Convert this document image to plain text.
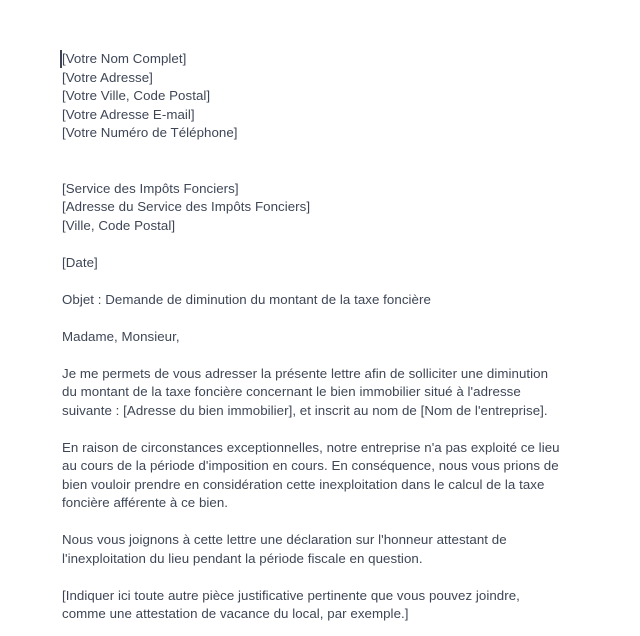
[Votre Nom Complet]
[Votre Adresse]
[Votre Ville, Code Postal]
[Votre Adresse E-mail]
[Votre Numéro de Téléphone]
[Service des Impôts Fonciers]
[Adresse du Service des Impôts Fonciers]
[Ville, Code Postal]
[Date]
Objet : Demande de diminution du montant de la taxe foncière
Madame, Monsieur,
Je me permets de vous adresser la présente lettre afin de solliciter une diminution
du montant de la taxe foncière concernant le bien immobilier situé à l'adresse
suivante : [Adresse du bien immobilier], et inscrit au nom de [Nom de l'entreprise].
En raison de circonstances exceptionnelles, notre entreprise n'a pas exploité ce lieu
au cours de la période d'imposition en cours. En conséquence, nous vous prions de
bien vouloir prendre en considération cette inexploitation dans le calcul de la taxe
foncière afférente à ce bien.
Nous vous joignons à cette lettre une déclaration sur l'honneur attestant de
l'inexploitation du lieu pendant la période fiscale en question.
[Indiquer ici toute autre pièce justificative pertinente que vous pouvez joindre,
comme une attestation de vacance du local, par exemple.]
